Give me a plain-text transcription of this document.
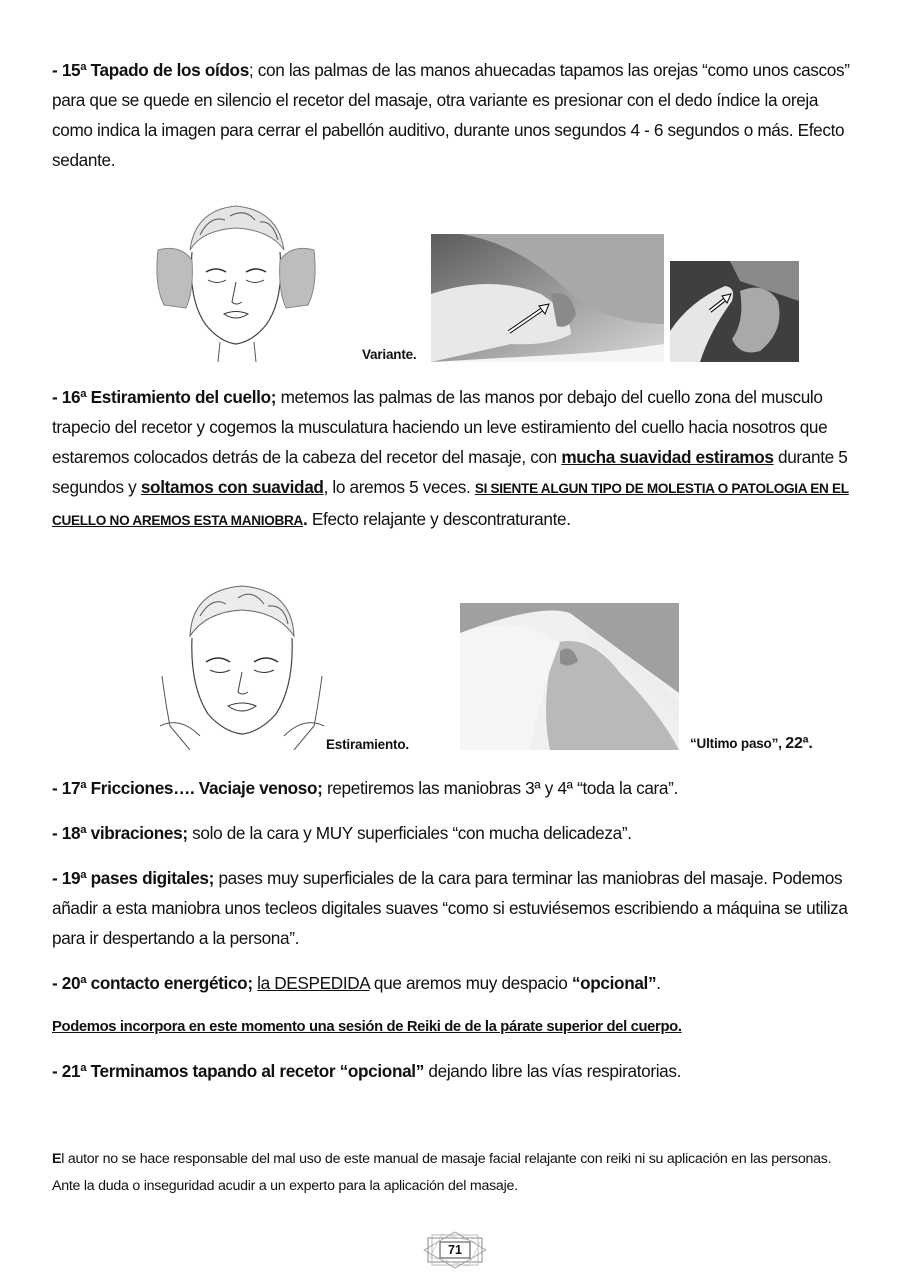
- 15ª Tapado de los oídos; con las palmas de las manos ahuecadas tapamos las orejas “como unos cascos” para que se quede en silencio el recetor del masaje, otra variante es presionar con el dedo índice la oreja como indica la imagen para cerrar el pabellón auditivo, durante unos segundos 4 - 6 segundos o más. Efecto sedante.
Variante.
- 16ª Estiramiento del cuello; metemos las palmas de las manos por debajo del cuello zona del musculo trapecio del recetor y cogemos la musculatura haciendo un leve estiramiento del cuello hacia nosotros que estaremos colocados detrás de la cabeza del recetor del masaje, con mucha suavidad estiramos durante 5 segundos y soltamos con suavidad, lo aremos 5 veces. SI SIENTE ALGUN TIPO DE MOLESTIA O PATOLOGIA EN EL CUELLO NO AREMOS ESTA MANIOBRA. Efecto relajante y descontraturante.
Estiramiento.	“Ultimo paso”, 22ª.
- 17ª Fricciones…. Vaciaje venoso; repetiremos las maniobras 3ª y 4ª “toda la cara”.
- 18ª vibraciones; solo de la cara y MUY superficiales “con mucha delicadeza”.
- 19ª pases digitales; pases muy superficiales de la cara para terminar las maniobras del masaje. Podemos añadir a esta maniobra unos tecleos digitales suaves “como si estuviésemos escribiendo a máquina se utiliza para ir despertando a la persona”.
- 20ª contacto energético; la DESPEDIDA que aremos muy despacio “opcional”.
Podemos incorpora en este momento una sesión de Reiki de de la párate superior del cuerpo.
- 21ª Terminamos tapando al recetor “opcional” dejando libre las vías respiratorias.
El autor no se hace responsable del mal uso de este manual de masaje facial relajante con reiki ni su aplicación en las personas. Ante la duda o inseguridad acudir a un experto para la aplicación del masaje.
71
